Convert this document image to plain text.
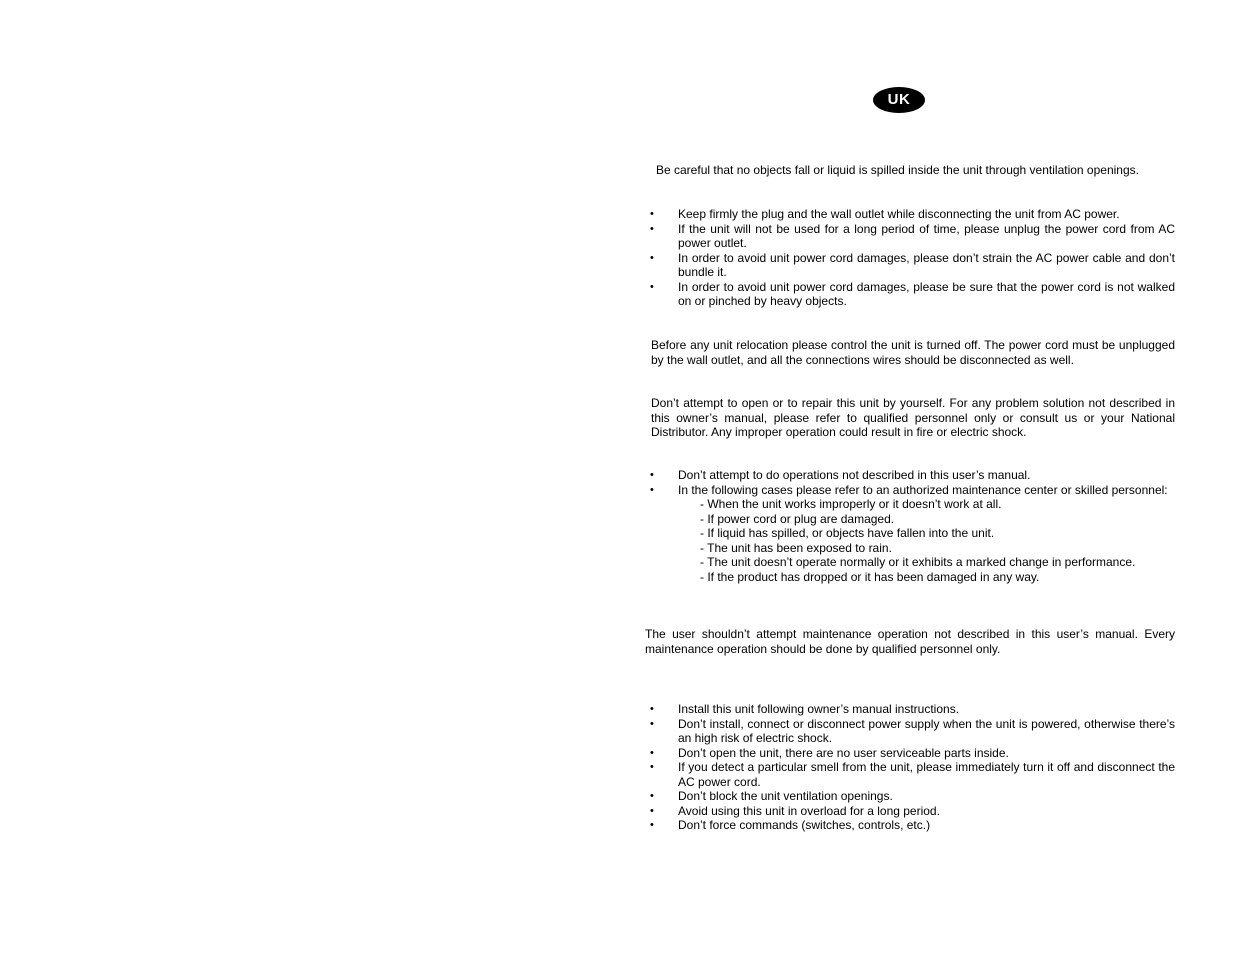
UK

Be careful that no objects fall or liquid is spilled inside the unit through ventilation openings.

• Keep firmly the plug and the wall outlet while disconnecting the unit from AC power.
• If the unit will not be used for a long period of time, please unplug the power cord from AC power outlet.
• In order to avoid unit power cord damages, please don’t strain the AC power cable and don’t bundle it.
• In order to avoid unit power cord damages, please be sure that the power cord is not walked on or pinched by heavy objects.

Before any unit relocation please control the unit is turned off. The power cord must be unplugged by the wall outlet, and all the connections wires should be disconnected as well.

Don’t attempt to open or to repair this unit by yourself. For any problem solution not described in this owner’s manual, please refer to qualified personnel only or consult us or your National Distributor. Any improper operation could result in fire or electric shock.

• Don’t attempt to do operations not described in this user’s manual.
• In the following cases please refer to an authorized maintenance center or skilled personnel:
- When the unit works improperly or it doesn’t work at all.
- If power cord or plug are damaged.
- If liquid has spilled, or objects have fallen into the unit.
- The unit has been exposed to rain.
- The unit doesn’t operate normally or it exhibits a marked change in performance.
- If the product has dropped or it has been damaged in any way.

The user shouldn’t attempt maintenance operation not described in this user’s manual. Every maintenance operation should be done by qualified personnel only.

• Install this unit following owner’s manual instructions.
• Don’t install, connect or disconnect power supply when the unit is powered, otherwise there’s an high risk of electric shock.
• Don’t open the unit, there are no user serviceable parts inside.
• If you detect a particular smell from the unit, please immediately turn it off and disconnect the AC power cord.
• Don’t block the unit ventilation openings.
• Avoid using this unit in overload for a long period.
• Don’t force commands (switches, controls, etc.)
